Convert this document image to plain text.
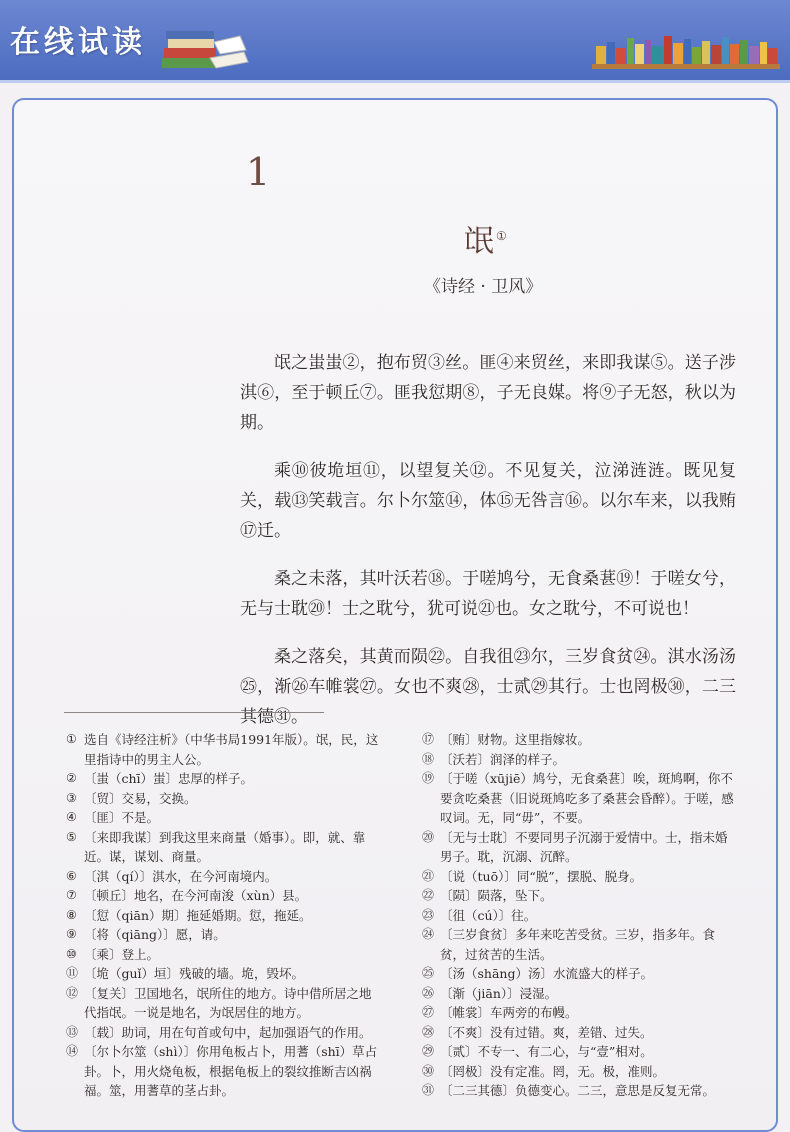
在线试读
1
氓①
《诗经 · 卫风》

氓之蚩蚩②，抱布贸③丝。匪④来贸丝，来即我谋⑤。送子涉淇⑥，至于顿丘⑦。匪我愆期⑧，子无良媒。将⑨子无怒，秋以为期。

乘⑩彼垝垣⑪，以望复关⑫。不见复关，泣涕涟涟。既见复关，载⑬笑载言。尔卜尔筮⑭，体⑮无咎言⑯。以尔车来，以我贿⑰迁。

桑之未落，其叶沃若⑱。于嗟鸠兮，无食桑葚⑲！于嗟女兮，无与士耽⑳！士之耽兮，犹可说㉑也。女之耽兮，不可说也！

桑之落矣，其黄而陨㉒。自我徂㉓尔，三岁食贫㉔。淇水汤汤㉕，渐㉖车帷裳㉗。女也不爽㉘，士贰㉙其行。士也罔极㉚，二三其德㉛。

① 选自《诗经注析》（中华书局1991年版）。氓，民，这里指诗中的男主人公。

② 〔蚩（chī）蚩〕忠厚的样子。

③ 〔贸〕交易，交换。

④ 〔匪〕不是。

⑤ 〔来即我谋〕到我这里来商量（婚事）。即，就、靠近。谋，谋划、商量。

⑥ 〔淇（qí）〕淇水，在今河南境内。

⑦ 〔顿丘〕地名，在今河南浚（xùn）县。

⑧ 〔愆（qiān）期〕拖延婚期。愆，拖延。

⑨ 〔将（qiāng）〕愿，请。

⑩ 〔乘〕登上。

⑪ 〔垝（guǐ）垣〕残破的墙。垝，毁坏。

⑫ 〔复关〕卫国地名，氓所住的地方。诗中借所居之地代指氓。一说是地名，为氓居住的地方。

⑬ 〔载〕助词，用在句首或句中，起加强语气的作用。

⑭ 〔尔卜尔筮（shì）〕你用龟板占卜，用蓍（shī）草占卦。卜，用火烧龟板，根据龟板上的裂纹推断吉凶祸福。筮，用蓍草的茎占卦。

⑰ 〔贿〕财物。这里指嫁妆。

⑱ 〔沃若〕润泽的样子。

⑲ 〔于嗟（xūjiē）鸠兮，无食桑葚〕唉，斑鸠啊，你不要贪吃桑葚（旧说斑鸠吃多了桑葚会昏醉）。于嗟，感叹词。无，同“毋”，不要。

⑳ 〔无与士耽〕不要同男子沉溺于爱情中。士，指未婚男子。耽，沉溺、沉醉。

㉑ 〔说（tuō）〕同“脱”，摆脱、脱身。

㉒ 〔陨〕陨落，坠下。

㉓ 〔徂（cú）〕往。

㉔ 〔三岁食贫〕多年来吃苦受贫。三岁，指多年。食贫，过贫苦的生活。

㉕ 〔汤（shāng）汤〕水流盛大的样子。

㉖ 〔渐（jiān）〕浸湿。

㉗ 〔帷裳〕车两旁的布幔。

㉘ 〔不爽〕没有过错。爽，差错、过失。

㉙ 〔贰〕不专一、有二心，与“壹”相对。

㉚ 〔罔极〕没有定准。罔，无。极，准则。

㉛ 〔二三其德〕负德变心。二三，意思是反复无常。
